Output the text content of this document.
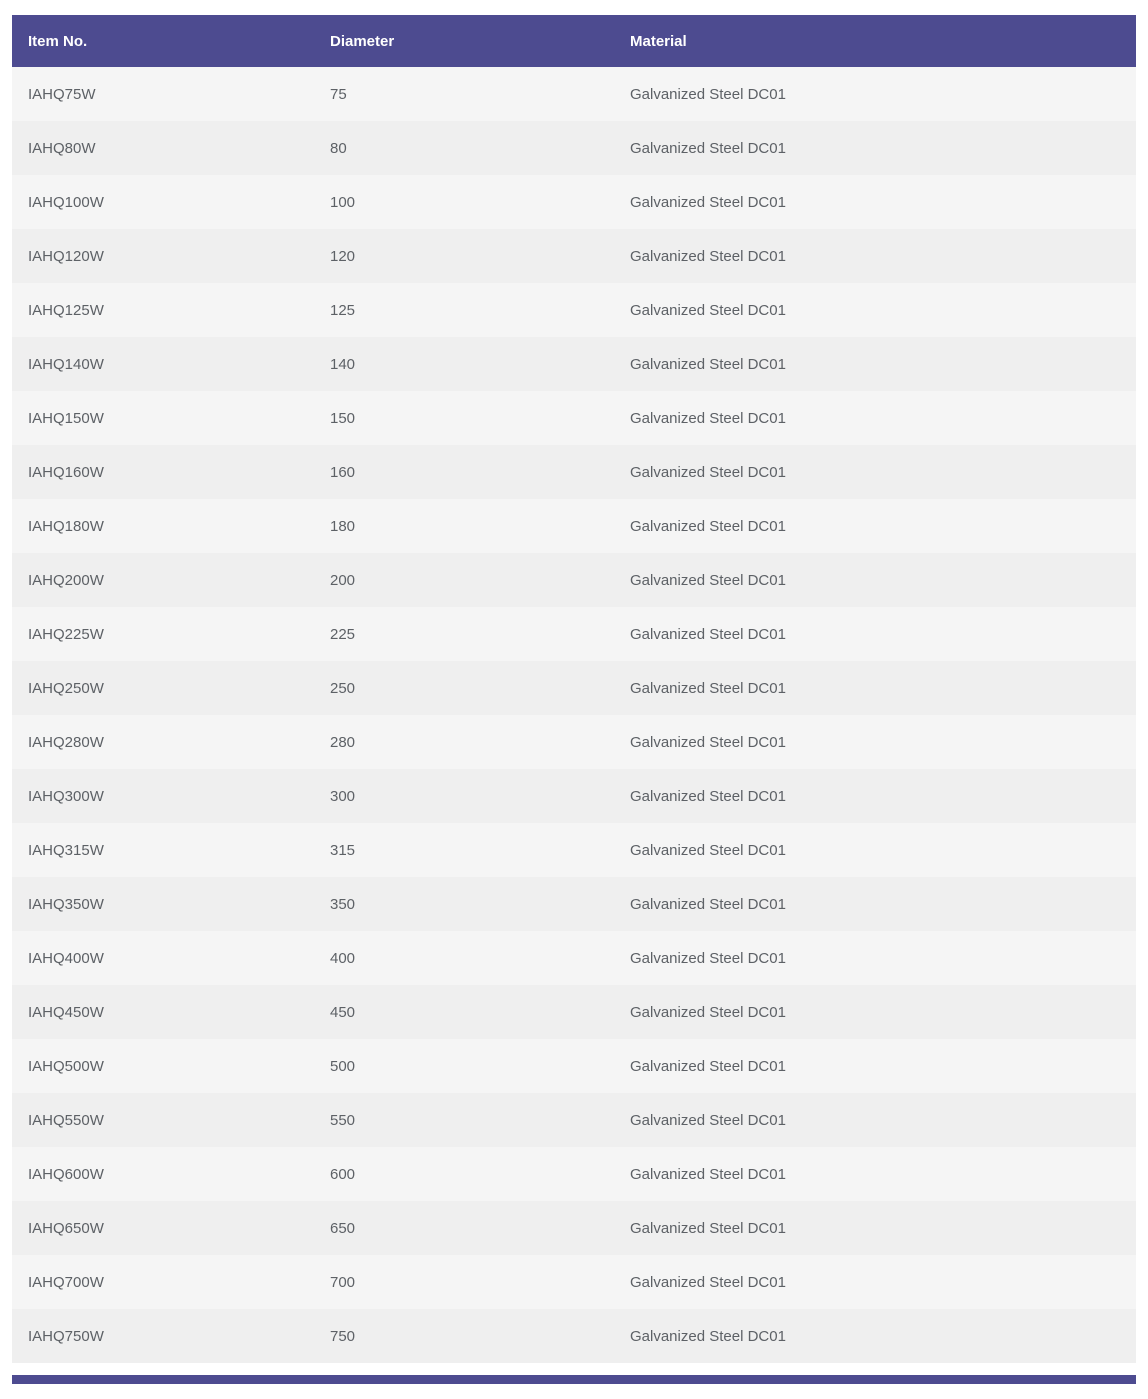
Item No.	Diameter	Material
IAHQ75W	75	Galvanized Steel DC01
IAHQ80W	80	Galvanized Steel DC01
IAHQ100W	100	Galvanized Steel DC01
IAHQ120W	120	Galvanized Steel DC01
IAHQ125W	125	Galvanized Steel DC01
IAHQ140W	140	Galvanized Steel DC01
IAHQ150W	150	Galvanized Steel DC01
IAHQ160W	160	Galvanized Steel DC01
IAHQ180W	180	Galvanized Steel DC01
IAHQ200W	200	Galvanized Steel DC01
IAHQ225W	225	Galvanized Steel DC01
IAHQ250W	250	Galvanized Steel DC01
IAHQ280W	280	Galvanized Steel DC01
IAHQ300W	300	Galvanized Steel DC01
IAHQ315W	315	Galvanized Steel DC01
IAHQ350W	350	Galvanized Steel DC01
IAHQ400W	400	Galvanized Steel DC01
IAHQ450W	450	Galvanized Steel DC01
IAHQ500W	500	Galvanized Steel DC01
IAHQ550W	550	Galvanized Steel DC01
IAHQ600W	600	Galvanized Steel DC01
IAHQ650W	650	Galvanized Steel DC01
IAHQ700W	700	Galvanized Steel DC01
IAHQ750W	750	Galvanized Steel DC01
